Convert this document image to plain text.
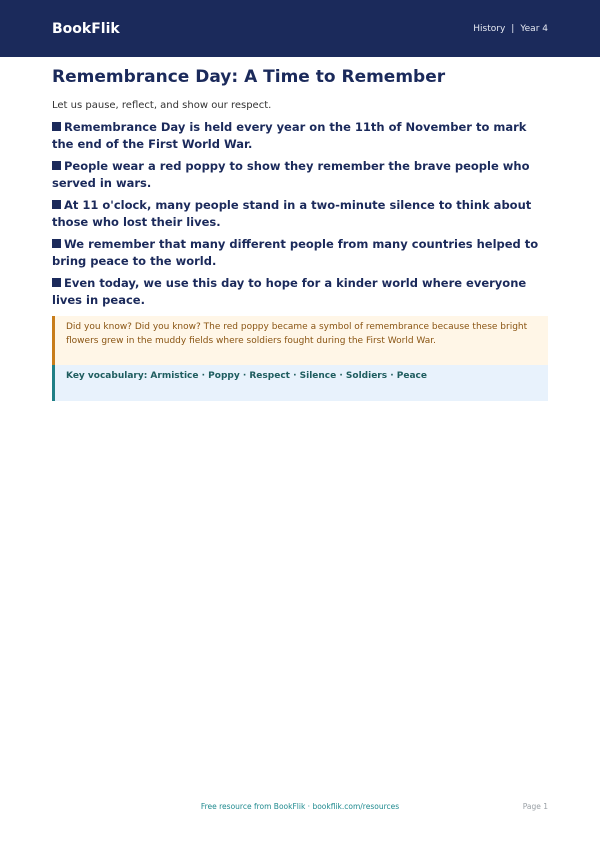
BookFlik	History | Year 4
Remembrance Day: A Time to Remember

Let us pause, reflect, and show our respect.

Remembrance Day is held every year on the 11th of November to mark the end of the First World War.
People wear a red poppy to show they remember the brave people who served in wars.
At 11 o'clock, many people stand in a two-minute silence to think about those who lost their lives.
We remember that many different people from many countries helped to bring peace to the world.
Even today, we use this day to hope for a kinder world where everyone lives in peace.
Did you know? Did you know? The red poppy became a symbol of remembrance because these bright flowers grew in the muddy fields where soldiers fought during the First World War.
Key vocabulary: Armistice · Poppy · Respect · Silence · Soldiers · Peace
Free resource from BookFlik · bookflik.com/resources	Page 1
